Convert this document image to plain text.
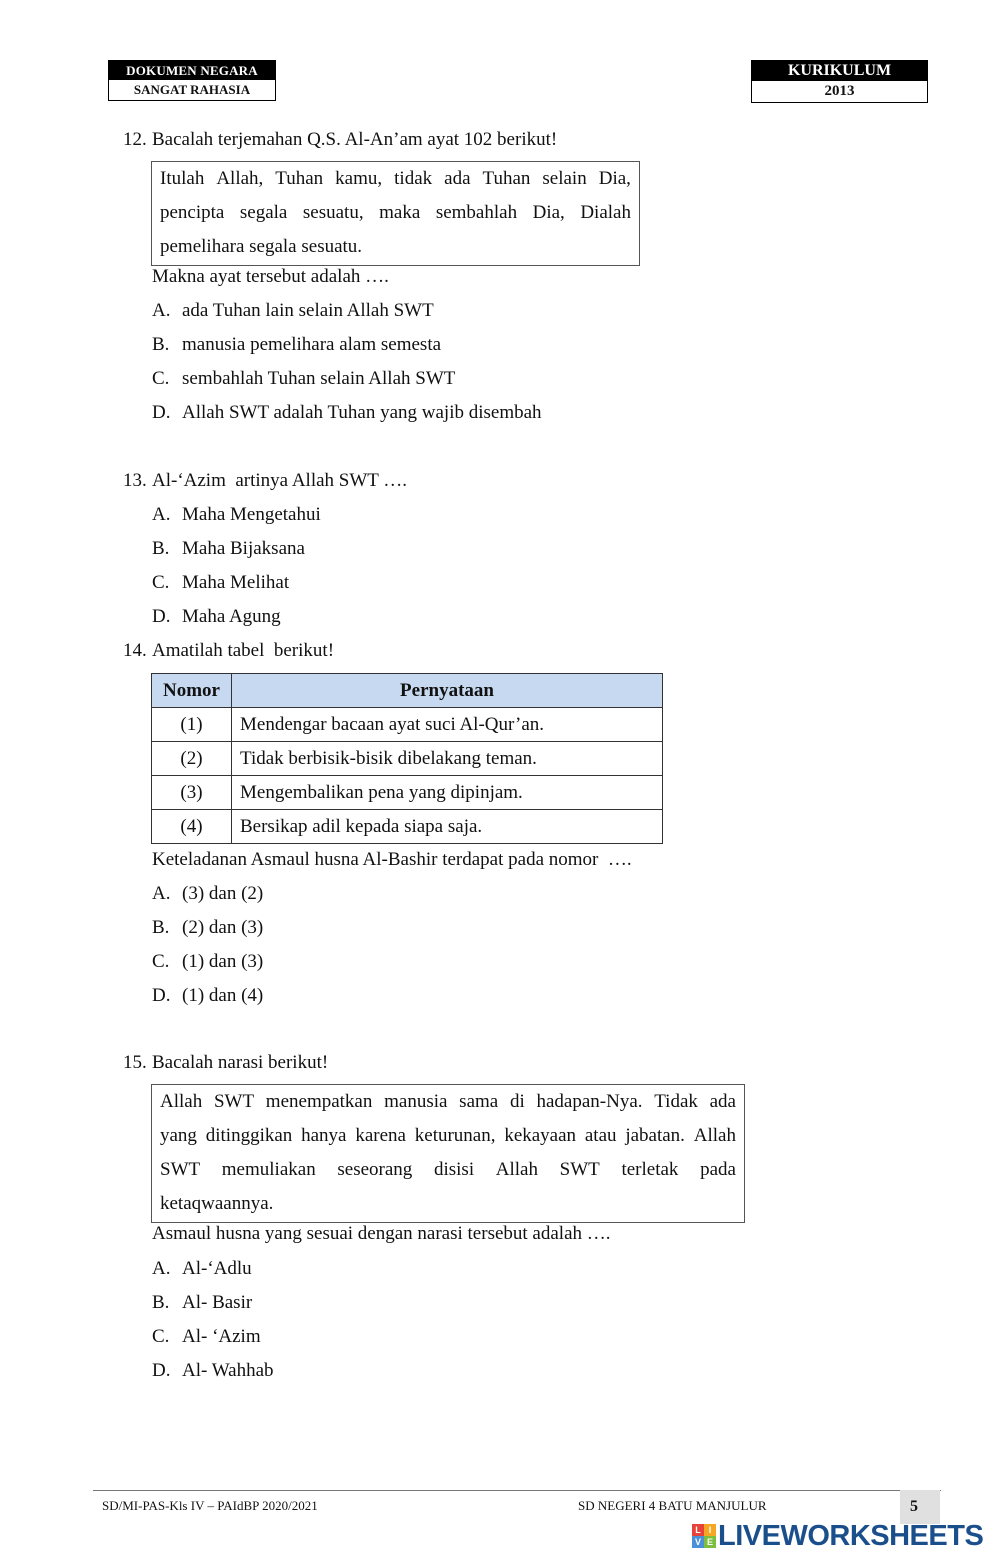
DOKUMEN NEGARA
SANGAT RAHASIA
KURIKULUM
2013
12. Bacalah terjemahan Q.S. Al-An’am ayat 102 berikut!
Itulah Allah, Tuhan kamu, tidak ada Tuhan selain Dia,
pencipta segala sesuatu, maka sembahlah Dia, Dialah
pemelihara segala sesuatu.
Makna ayat tersebut adalah ….
A. ada Tuhan lain selain Allah SWT
B. manusia pemelihara alam semesta
C. sembahlah Tuhan selain Allah SWT
D. Allah SWT adalah Tuhan yang wajib disembah
13. Al-‘Azim  artinya Allah SWT ….
A. Maha Mengetahui
B. Maha Bijaksana
C. Maha Melihat
D. Maha Agung
14. Amatilah tabel  berikut!
Nomor	Pernyataan
(1)	Mendengar bacaan ayat suci Al-Qur’an.
(2)	Tidak berbisik-bisik dibelakang teman.
(3)	Mengembalikan pena yang dipinjam.
(4)	Bersikap adil kepada siapa saja.
Keteladanan Asmaul husna Al-Bashir terdapat pada nomor  ….
A. (3) dan (2)
B. (2) dan (3)
C. (1) dan (3)
D. (1) dan (4)
15. Bacalah narasi berikut!
Allah SWT menempatkan manusia sama di hadapan-Nya. Tidak ada
yang ditinggikan hanya karena keturunan, kekayaan atau jabatan. Allah
SWT memuliakan seseorang disisi Allah SWT terletak pada
ketaqwaannya.
Asmaul husna yang sesuai dengan narasi tersebut adalah ….
A. Al-‘Adlu
B. Al- Basir
C. Al- ‘Azim
D. Al- Wahhab
SD/MI-PAS-Kls IV – PAIdBP 2020/2021	SD NEGERI 4 BATU MANJULUR	5
L I
V E LIVEWORKSHEETS
